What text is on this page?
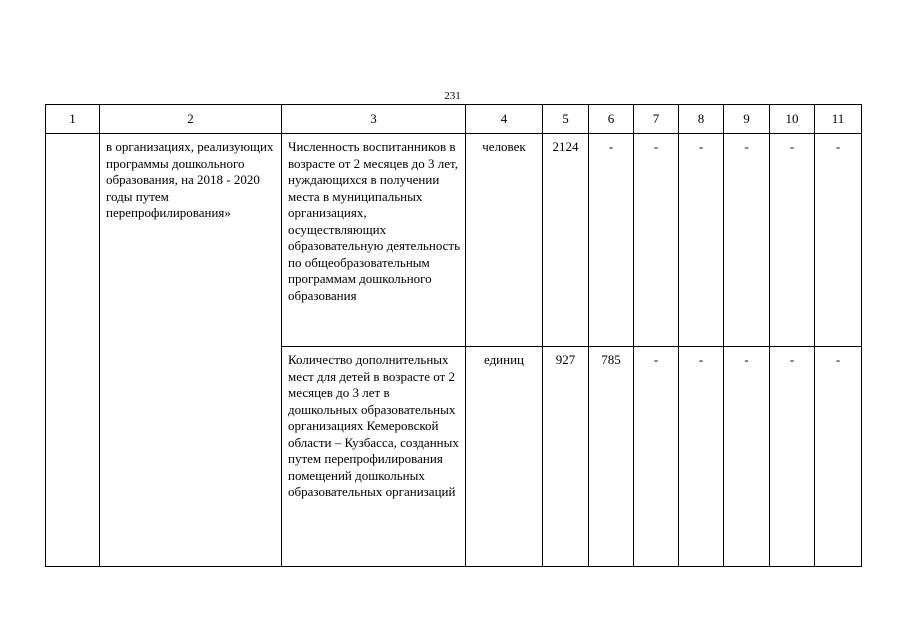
231
1	2	3	4	5	6	7	8	9	10	11

	в организациях, реализующих программы дошкольного образования, на 2018 - 2020 годы путем перепрофилирования»	Численность воспитанников в возрасте от 2 месяцев до 3 лет, нуждающихся в получении места в муниципальных организациях, осуществляющих образовательную деятельность по общеобразовательным программам дошкольного образования	человек	2124	-	-	-	-	-	-

		Количество дополнительных мест для детей в возрасте от 2 месяцев до 3 лет в дошкольных образовательных организациях Кемеровской области – Кузбасса, созданных путем перепрофилирования помещений дошкольных образовательных организаций	единиц	927	785	-	-	-	-	-
